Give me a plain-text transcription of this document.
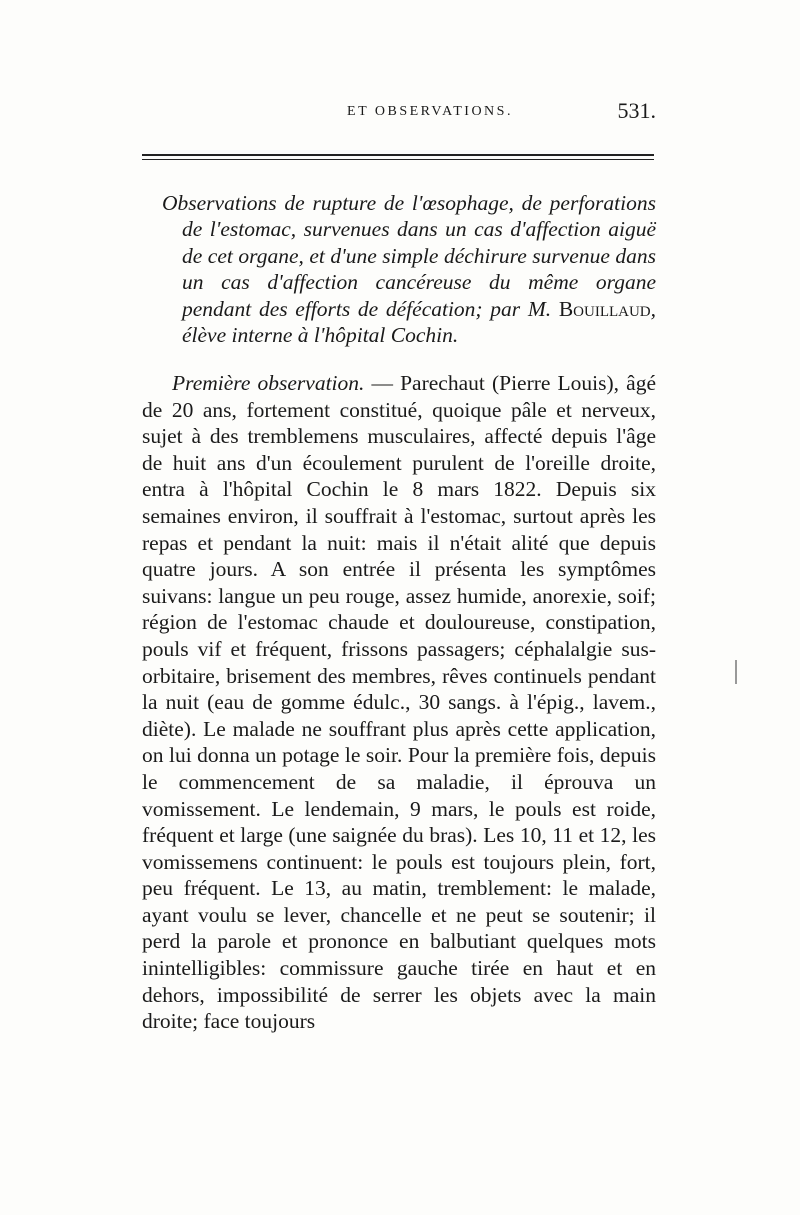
ET OBSERVATIONS.	531.
Observations de rupture de l'œsophage, de perforations de l'estomac, survenues dans un cas d'affection aiguë de cet organe, et d'une simple déchirure survenue dans un cas d'affection cancéreuse du même organe pendant des efforts de défécation; par M. Bouillaud, élève interne à l'hôpital Cochin.
Première observation. — Parechaut (Pierre Louis), âgé de 20 ans, fortement constitué, quoique pâle et nerveux, sujet à des tremblemens musculaires, affecté depuis l'âge de huit ans d'un écoulement purulent de l'oreille droite, entra à l'hôpital Cochin le 8 mars 1822. Depuis six semaines environ, il souffrait à l'estomac, surtout après les repas et pendant la nuit: mais il n'était alité que depuis quatre jours. A son entrée il présenta les symptômes suivans: langue un peu rouge, assez humide, anorexie, soif; région de l'estomac chaude et douloureuse, constipation, pouls vif et fréquent, frissons passagers; céphalalgie sus-orbitaire, brisement des membres, rêves continuels pendant la nuit (eau de gomme édulc., 30 sangs. à l'épig., lavem., diète). Le malade ne souffrant plus après cette application, on lui donna un potage le soir. Pour la première fois, depuis le commencement de sa maladie, il éprouva un vomissement. Le lendemain, 9 mars, le pouls est roide, fréquent et large (une saignée du bras). Les 10, 11 et 12, les vomissemens continuent: le pouls est toujours plein, fort, peu fréquent. Le 13, au matin, tremblement: le malade, ayant voulu se lever, chancelle et ne peut se soutenir; il perd la parole et prononce en balbutiant quelques mots inintelligibles: commissure gauche tirée en haut et en dehors, impossibilité de serrer les objets avec la main droite; face toujours
